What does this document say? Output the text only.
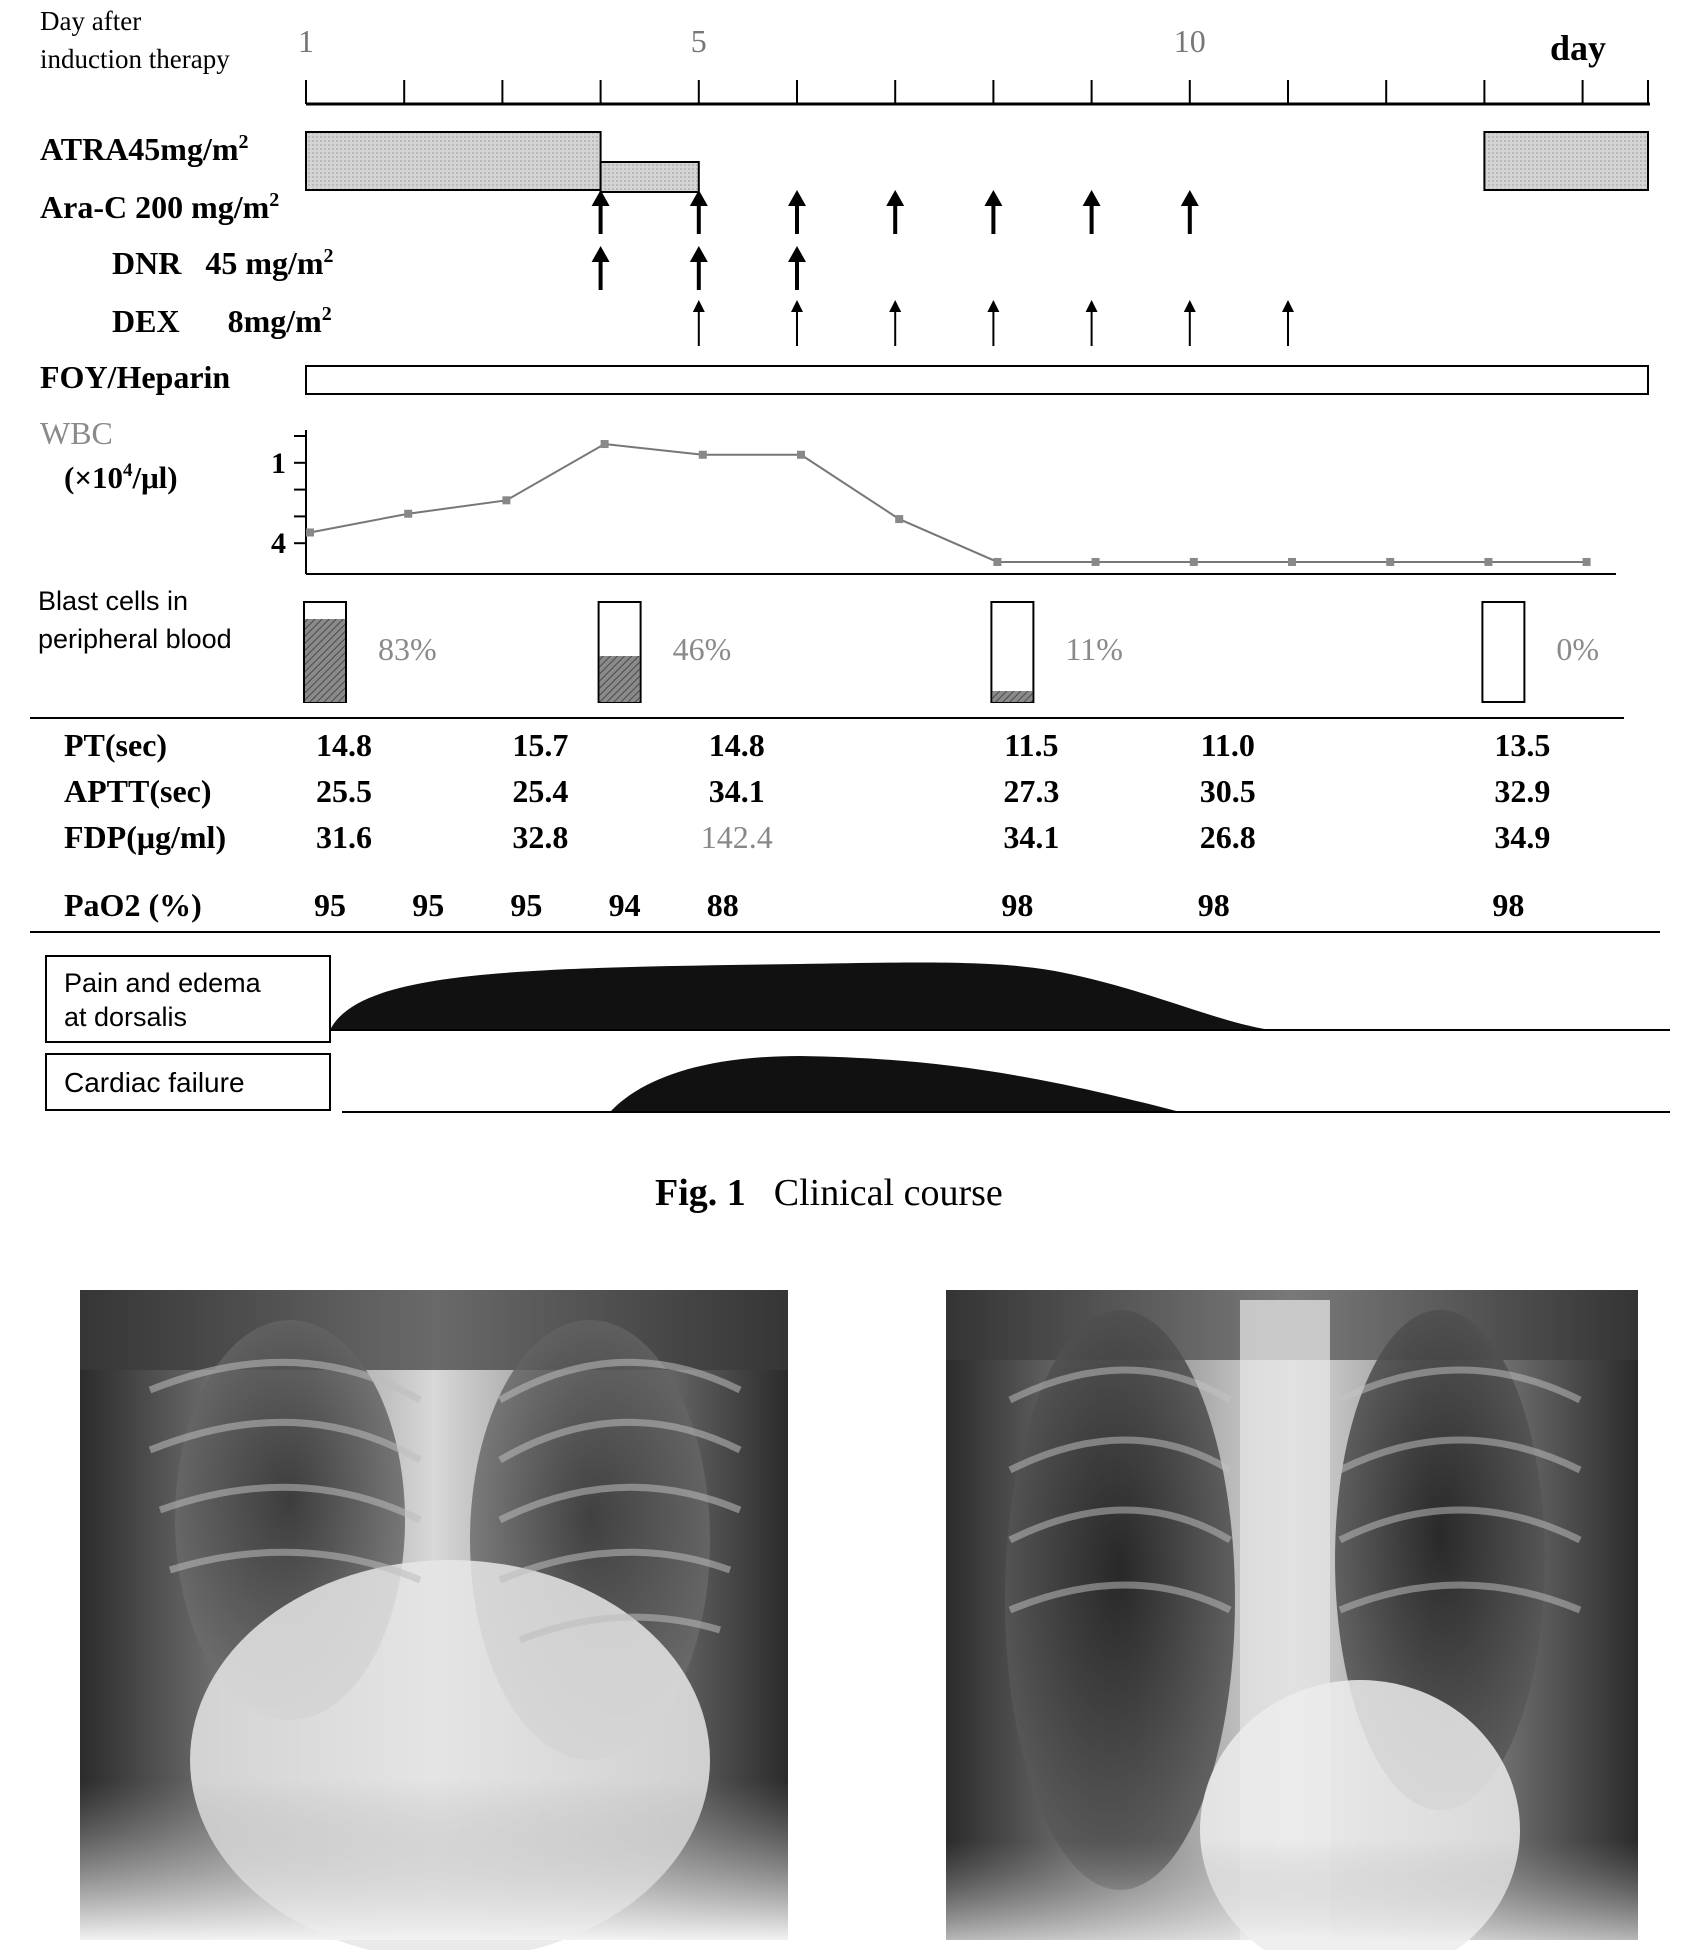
Day after
induction therapy 1	5	10	day
$ATRA45mg/m^2$
Ara-C 200 $mg/m^2$
DNR   45 $mg/m^2$
DEX      $8mg/m^2$
FOY/Heparin
WBC
$(\times 10^4/\mu l)$
4
1
Blast cells in
peripheral blood	83%	46%	11%	0%
PT(sec)	14.8	15.7	14.8	11.5	11.0	13.5
APTT(sec)	25.5	25.4	34.1	27.3	30.5	32.9
FDP(μg/ml)	31.6	32.8	142.4	34.1	26.8	34.9
PaO2 (%)	95 95 95 94 88	98	98	98
Pain and edema
at dorsalis
Cardiac failure
Fig. 1 Clinical course
